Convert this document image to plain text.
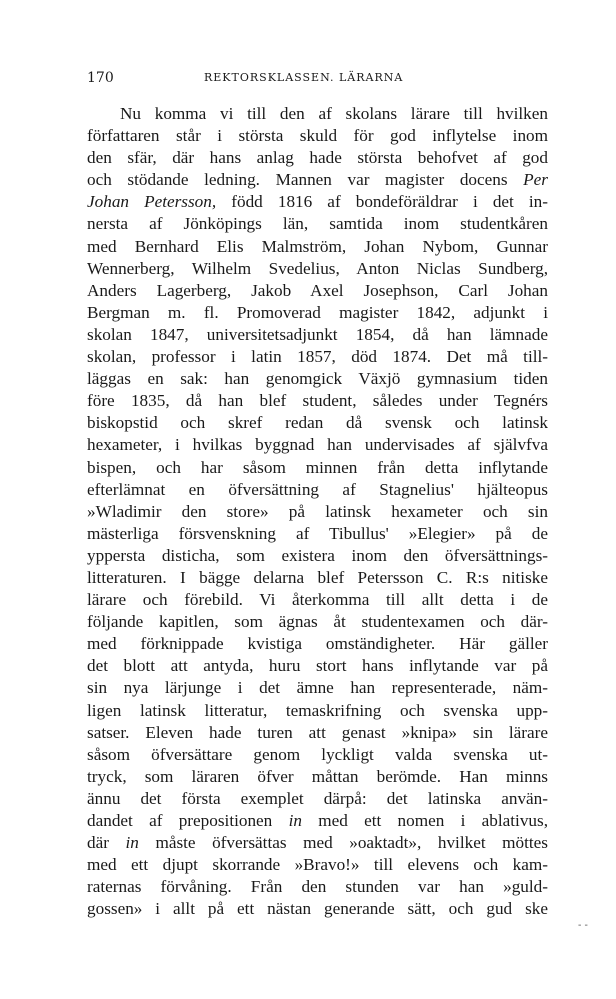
170	REKTORSKLASSEN. LÄRARNA
Nu komma vi till den af skolans lärare till hvilken
författaren står i största skuld för god inflytelse inom
den sfär, där hans anlag hade största behofvet af god
och stödande ledning. Mannen var magister docens Per
Johan Petersson, född 1816 af bondeföräldrar i det in-
nersta af Jönköpings län, samtida inom studentkåren
med Bernhard Elis Malmström, Johan Nybom, Gunnar
Wennerberg, Wilhelm Svedelius, Anton Niclas Sundberg,
Anders Lagerberg, Jakob Axel Josephson, Carl Johan
Bergman m. fl. Promoverad magister 1842, adjunkt i
skolan 1847, universitetsadjunkt 1854, då han lämnade
skolan, professor i latin 1857, död 1874. Det må till-
läggas en sak: han genomgick Växjö gymnasium tiden
före 1835, då han blef student, således under Tegnérs
biskopstid och skref redan då svensk och latinsk
hexameter, i hvilkas byggnad han undervisades af självfva
bispen, och har såsom minnen från detta inflytande
efterlämnat en öfversättning af Stagnelius' hjälteopus
»Wladimir den store» på latinsk hexameter och sin
mästerliga försvenskning af Tibullus' »Elegier» på de
yppersta disticha, som existera inom den öfversättnings-
litteraturen. I bägge delarna blef Petersson C. R:s nitiske
lärare och förebild. Vi återkomma till allt detta i de
följande kapitlen, som ägnas åt studentexamen och där-
med förknippade kvistiga omständigheter. Här gäller
det blott att antyda, huru stort hans inflytande var på
sin nya lärjunge i det ämne han representerade, näm-
ligen latinsk litteratur, temaskrifning och svenska upp-
satser. Eleven hade turen att genast »knipa» sin lärare
såsom öfversättare genom lyckligt valda svenska ut-
tryck, som läraren öfver måttan berömde. Han minns
ännu det första exemplet därpå: det latinska använ-
dandet af prepositionen in med ett nomen i ablativus,
där in måste öfversättas med »oaktadt», hvilket möttes
med ett djupt skorrande »Bravo!» till elevens och kam-
raternas förvåning. Från den stunden var han »guld-
gossen» i allt på ett nästan generande sätt, och gud ske
- -
